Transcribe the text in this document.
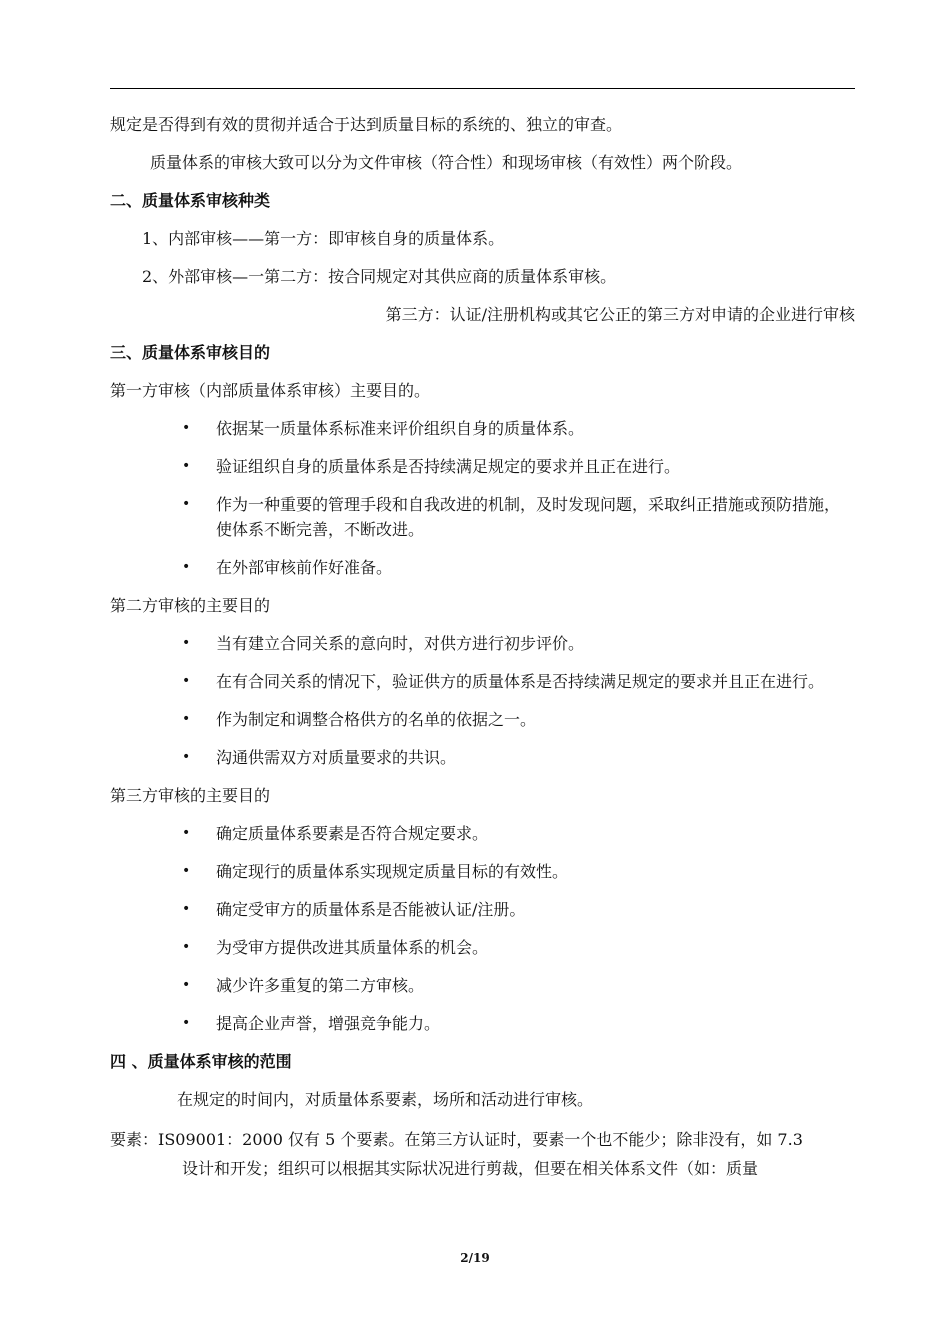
规定是否得到有效的贯彻并适合于达到质量目标的系统的、独立的审查。
质量体系的审核大致可以分为文件审核（符合性）和现场审核（有效性）两个阶段。
二、质量体系审核种类
1、内部审核——第一方：即审核自身的质量体系。
2、外部审核—一第二方：按合同规定对其供应商的质量体系审核。
第三方：认证/注册机构或其它公正的第三方对申请的企业进行审核
三、质量体系审核目的
第一方审核（内部质量体系审核）主要目的。
•	依据某一质量体系标准来评价组织自身的质量体系。
•	验证组织自身的质量体系是否持续满足规定的要求并且正在进行。
•	作为一种重要的管理手段和自我改进的机制，及时发现问题，采取纠正措施或预防措施，使体系不断完善，不断改进。
•	在外部审核前作好准备。
第二方审核的主要目的
•	当有建立合同关系的意向时，对供方进行初步评价。
•	在有合同关系的情况下，验证供方的质量体系是否持续满足规定的要求并且正在进行。
•	作为制定和调整合格供方的名单的依据之一。
•	沟通供需双方对质量要求的共识。
第三方审核的主要目的
•	确定质量体系要素是否符合规定要求。
•	确定现行的质量体系实现规定质量目标的有效性。
•	确定受审方的质量体系是否能被认证/注册。
•	为受审方提供改进其质量体系的机会。
•	减少许多重复的第二方审核。
•	提高企业声誉，增强竞争能力。
四 、质量体系审核的范围
在规定的时间内，对质量体系要素，场所和活动进行审核。
要素：IS09001：2000 仅有 5 个要素。在第三方认证时，要素一个也不能少；除非没有，如 7.3
设计和开发；组织可以根据其实际状况进行剪裁，但要在相关体系文件（如：质量
2/19
